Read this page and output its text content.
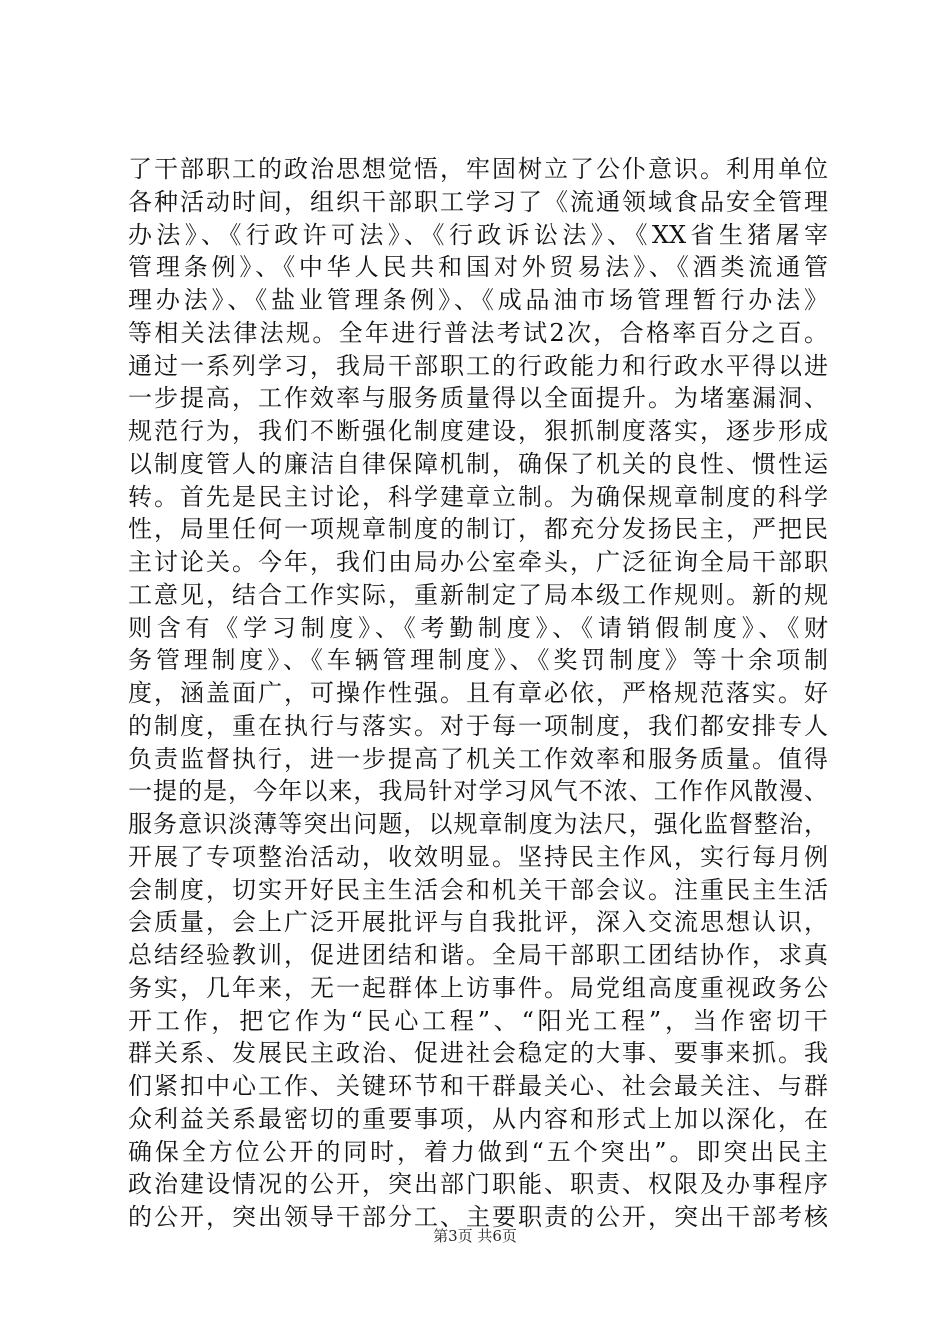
了干部职工的政治思想觉悟，牢固树立了公仆意识。利用单位
各种活动时间，组织干部职工学习了《流通领域食品安全管理
办法》、《行政许可法》、《行政诉讼法》、《XX省生猪屠宰
管理条例》、《中华人民共和国对外贸易法》、《酒类流通管
理办法》、《盐业管理条例》、《成品油市场管理暂行办法》
等相关法律法规。全年进行普法考试2次，合格率百分之百。
通过一系列学习，我局干部职工的行政能力和行政水平得以进
一步提高，工作效率与服务质量得以全面提升。为堵塞漏洞、
规范行为，我们不断强化制度建设，狠抓制度落实，逐步形成
以制度管人的廉洁自律保障机制，确保了机关的良性、惯性运
转。首先是民主讨论，科学建章立制。为确保规章制度的科学
性，局里任何一项规章制度的制订，都充分发扬民主，严把民
主讨论关。今年，我们由局办公室牵头，广泛征询全局干部职
工意见，结合工作实际，重新制定了局本级工作规则。新的规
则含有《学习制度》、《考勤制度》、《请销假制度》、《财
务管理制度》、《车辆管理制度》、《奖罚制度》等十余项制
度，涵盖面广，可操作性强。且有章必依，严格规范落实。好
的制度，重在执行与落实。对于每一项制度，我们都安排专人
负责监督执行，进一步提高了机关工作效率和服务质量。值得
一提的是，今年以来，我局针对学习风气不浓、工作作风散漫、
服务意识淡薄等突出问题，以规章制度为法尺，强化监督整治，
开展了专项整治活动，收效明显。坚持民主作风，实行每月例
会制度，切实开好民主生活会和机关干部会议。注重民主生活
会质量，会上广泛开展批评与自我批评，深入交流思想认识，
总结经验教训，促进团结和谐。全局干部职工团结协作，求真
务实，几年来，无一起群体上访事件。局党组高度重视政务公
开工作，把它作为“民心工程”、“阳光工程”，当作密切干
群关系、发展民主政治、促进社会稳定的大事、要事来抓。我
们紧扣中心工作、关键环节和干群最关心、社会最关注、与群
众利益关系最密切的重要事项，从内容和形式上加以深化，在
确保全方位公开的同时，着力做到“五个突出”。即突出民主
政治建设情况的公开，突出部门职能、职责、权限及办事程序
的公开，突出领导干部分工、主要职责的公开，突出干部考核
第3页 共6页
